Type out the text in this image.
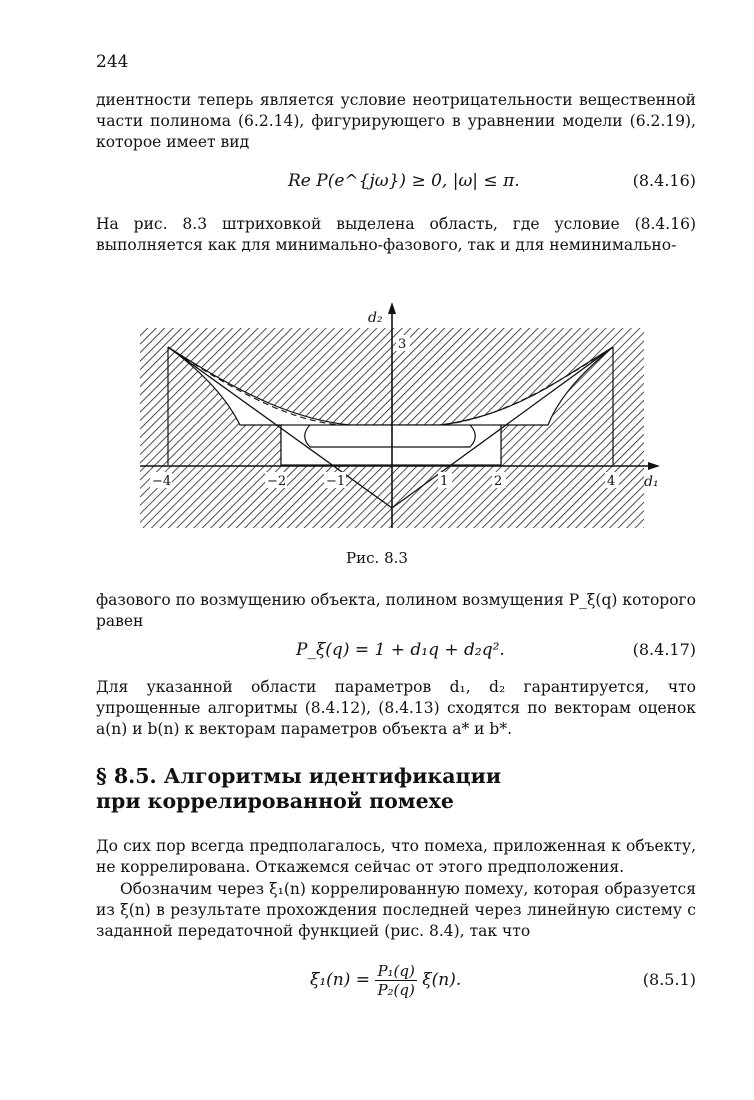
244
диентности теперь является условие неотрицательности вещественной части полинома (6.2.14), фигурирующего в уравнении модели (6.2.19), которое имеет вид
Re P(e^{jω}) ≥ 0, |ω| ≤ π.	(8.4.16)
На рис. 8.3 штриховкой выделена область, где условие (8.4.16) выполняется как для минимально-фазового, так и для неминимально-
−4	−2	−1	1	2	4
3
d₁
d₂
Рис. 8.3
фазового по возмущению объекта, полином возмущения P_ξ(q) которого равен
P_ξ(q) = 1 + d₁q + d₂q².	(8.4.17)
Для указанной области параметров d₁, d₂ гарантируется, что упрощенные алгоритмы (8.4.12), (8.4.13) сходятся по векторам оценок a(n) и b(n) к векторам параметров объекта a* и b*.
§ 8.5. Алгоритмы идентификации
при коррелированной помехе
До сих пор всегда предполагалось, что помеха, приложенная к объекту, не коррелирована. Откажемся сейчас от этого предположения.
Обозначим через ξ₁(n) коррелированную помеху, которая образуется из ξ(n) в результате прохождения последней через линейную систему с заданной передаточной функцией (рис. 8.4), так что
$\xi_1(n) = \frac{\text{P₁(q)}}{\text{P₂(q)}} \xi(n)$.	(8.5.1)
